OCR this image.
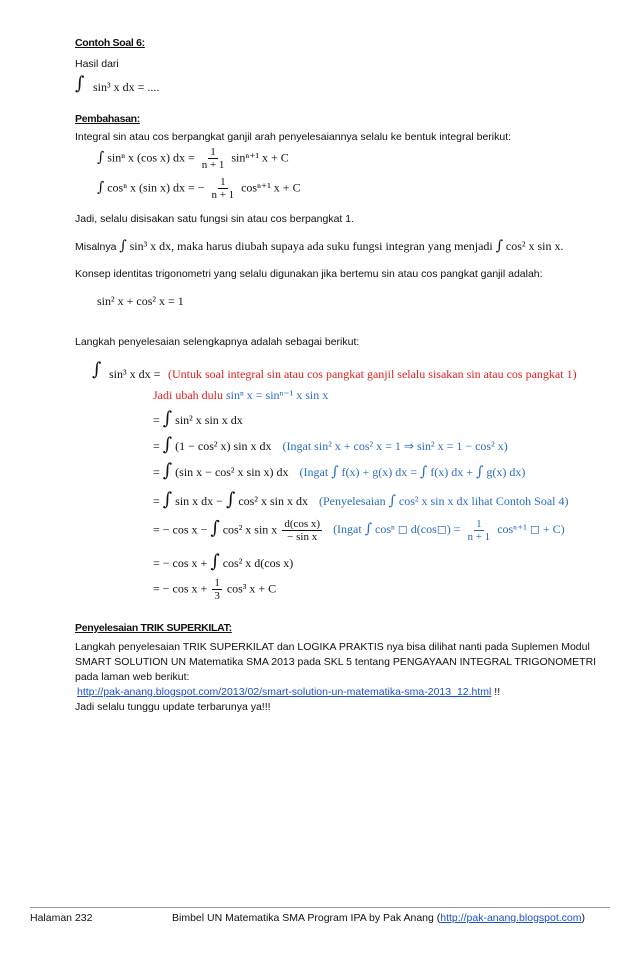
Contoh Soal 6:
Hasil dari
∫ sin³ x dx = ....
Pembahasan:
Integral sin atau cos berpangkat ganjil arah penyelesaiannya selalu ke bentuk integral berikut:
∫ sinⁿ x (cos x) dx = $\frac{1}{n + 1} \sin^{n+1}$ x + C
∫ cosⁿ x (sin x) dx = − $\frac{1}{n + 1} \cos^{n+1}$ x + C
Jadi, selalu disisakan satu fungsi sin atau cos berpangkat 1.
Misalnya ∫ sin³ x dx, maka harus diubah supaya ada suku fungsi integran yang menjadi ∫ cos² x sin x.
Konsep identitas trigonometri yang selalu digunakan jika bertemu sin atau cos pangkat ganjil adalah:
sin² x + cos² x = 1
Langkah penyelesaian selengkapnya adalah sebagai berikut:
∫ sin³ x dx = (Untuk soal integral sin atau cos pangkat ganjil selalu sisakan sin atau cos pangkat 1)
Jadi ubah dulu sinⁿ x = sinⁿ⁻¹ x sin x
= ∫ sin² x sin x dx
= ∫ (1 − cos² x) sin x dx (Ingat sin² x + cos² x = 1 ⇒ sin² x = 1 − cos² x)
= ∫ (sin x − cos² x sin x) dx (Ingat ∫ f(x) + g(x) dx = ∫ f(x) dx + ∫ g(x) dx)
= ∫ sin x dx − ∫ cos² x sin x dx (Penyelesaian ∫ cos² x sin x dx lihat Contoh Soal 4)
= − cos x − ∫ cos² x sin x $\frac{\text{d(cos x)}}{\text{− sin x}}$ (Ingat ∫ cosⁿ ◻ d(cos◻) = $\frac{1}{n + 1} \cos^{n+1}$ ◻ + C)
= − cos x + ∫ cos² x d(cos x)
= − $\cos x + \frac{1}{3} \cos^3$ x + C
Penyelesaian TRIK SUPERKILAT:
Langkah penyelesaian TRIK SUPERKILAT dan LOGIKA PRAKTIS nya bisa dilihat nanti pada Suplemen Modul
SMART SOLUTION UN Matematika SMA 2013 pada SKL 5 tentang PENGAYAAN INTEGRAL TRIGONOMETRI
pada laman web berikut:
http://pak-anang.blogspot.com/2013/02/smart-solution-un-matematika-sma-2013_12.html !!
Jadi selalu tunggu update terbarunya ya!!!
Halaman 232	Bimbel UN Matematika SMA Program IPA by Pak Anang (http://pak-anang.blogspot.com)
